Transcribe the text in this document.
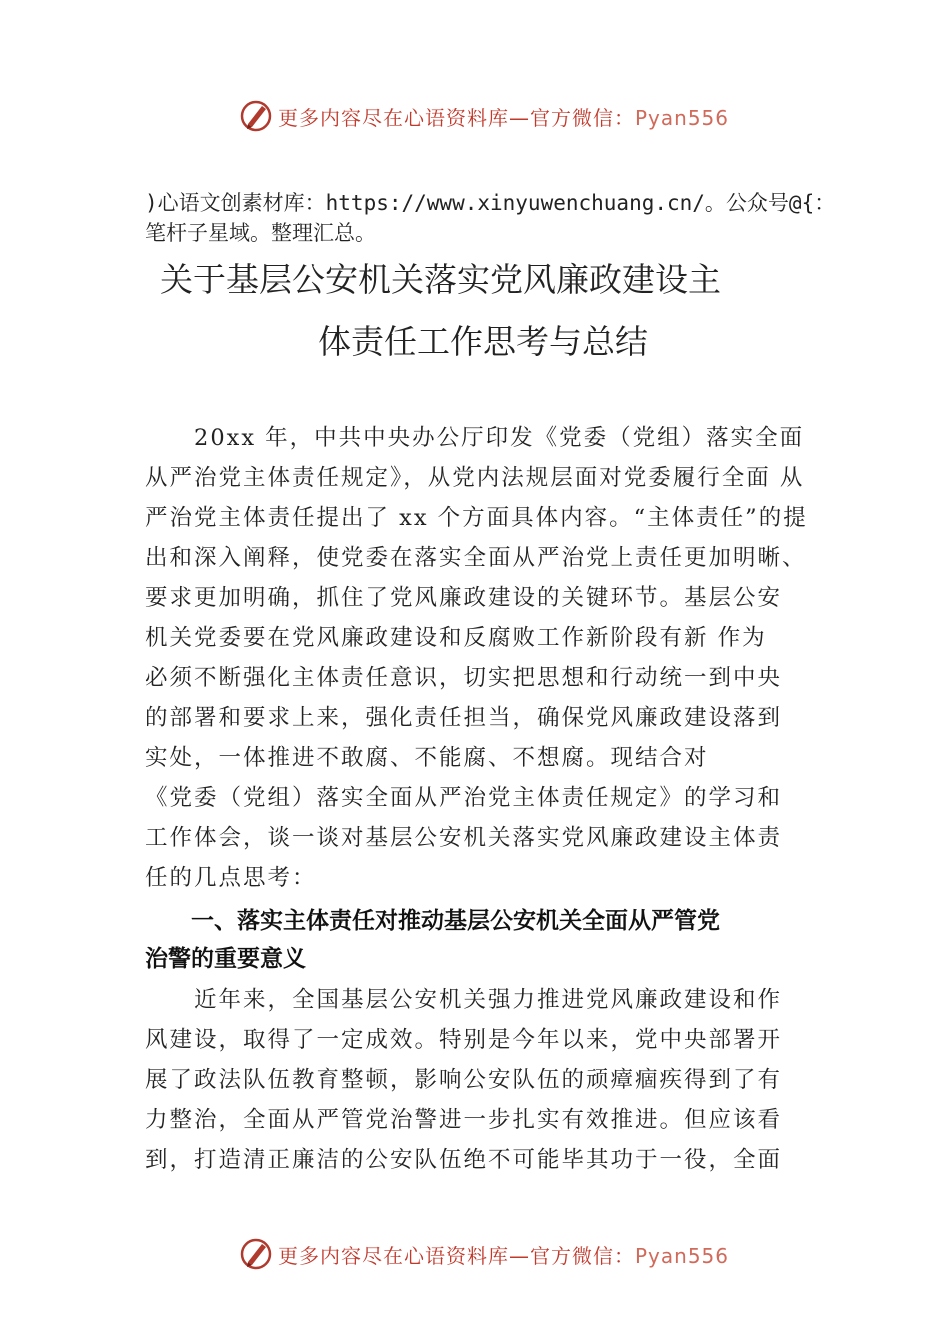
更多内容尽在心语资料库—官方微信：Pyan556
)心语文创素材库：https://www.xinyuwenchuang.cn/。公众号@{：笔杆子星域。整理汇总。
关于基层公安机关落实党风廉政建设主
体责任工作思考与总结
　　20xx 年，中共中央办公厅印发《党委（党组）落实全面
从严治党主体责任规定》，从党内法规层面对党委履行全面 从
严治党主体责任提出了 xx 个方面具体内容。“主体责任”的提
出和深入阐释，使党委在落实全面从严治党上责任更加明晰、
要求更加明确，抓住了党风廉政建设的关键环节。基层公安
机关党委要在党风廉政建设和反腐败工作新阶段有新 作为
必须不断强化主体责任意识，切实把思想和行动统一到中央
的部署和要求上来，强化责任担当，确保党风廉政建设落到
实处，一体推进不敢腐、不能腐、不想腐。现结合对
《党委（党组）落实全面从严治党主体责任规定》的学习和
工作体会，谈一谈对基层公安机关落实党风廉政建设主体责
任的几点思考：
　　一、落实主体责任对推动基层公安机关全面从严管党
治警的重要意义
　　近年来，全国基层公安机关强力推进党风廉政建设和作
风建设，取得了一定成效。特别是今年以来，党中央部署开
展了政法队伍教育整顿，影响公安队伍的顽瘴痼疾得到了有
力整治，全面从严管党治警进一步扎实有效推进。但应该看
到，打造清正廉洁的公安队伍绝不可能毕其功于一役，全面
更多内容尽在心语资料库—官方微信：Pyan556
